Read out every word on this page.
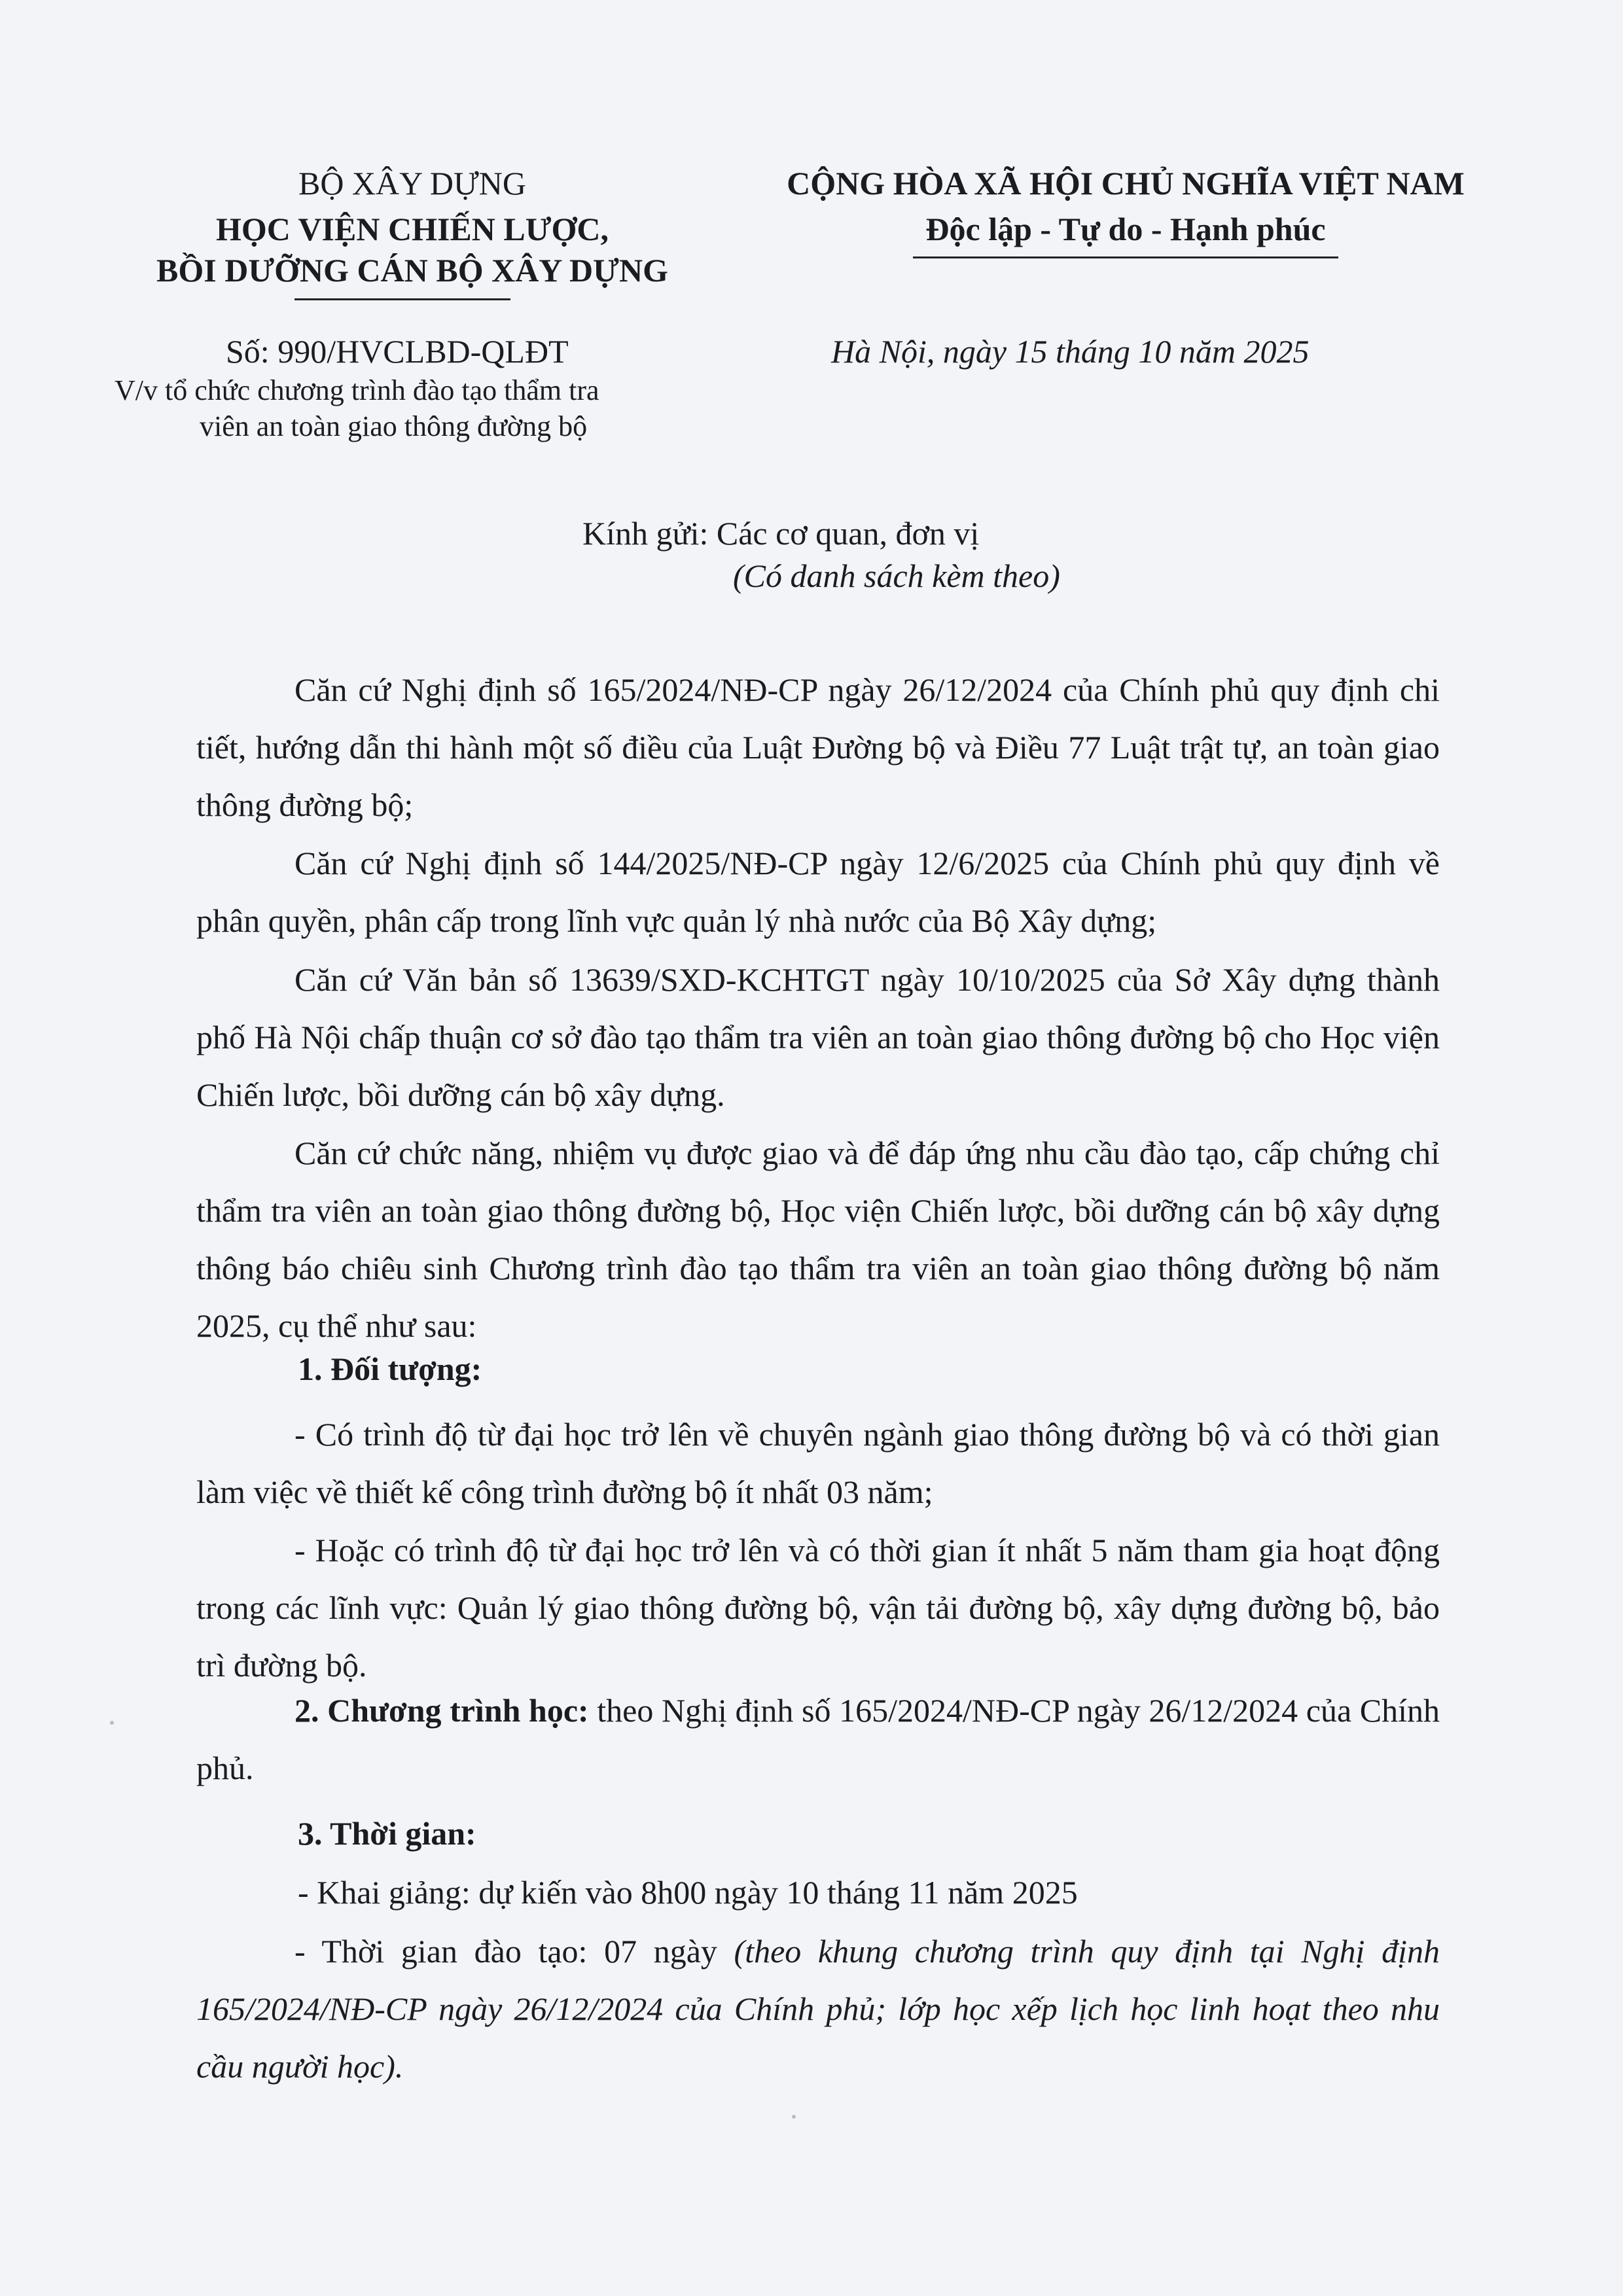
BỘ XÂY DỰNG
HỌC VIỆN CHIẾN LƯỢC,
BỒI DƯỠNG CÁN BỘ XÂY DỰNG
Số: 990/HVCLBD-QLĐT
V/v tổ chức chương trình đào tạo thẩm tra
viên an toàn giao thông đường bộ
CỘNG HÒA XÃ HỘI CHỦ NGHĨA VIỆT NAM
Độc lập - Tự do - Hạnh phúc
Hà Nội, ngày 15 tháng 10 năm 2025
Kính gửi: Các cơ quan, đơn vị
(Có danh sách kèm theo)
Căn cứ Nghị định số 165/2024/NĐ-CP ngày 26/12/2024 của Chính phủ quy định chi tiết, hướng dẫn thi hành một số điều của Luật Đường bộ và Điều 77 Luật trật tự, an toàn giao thông đường bộ;
Căn cứ Nghị định số 144/2025/NĐ-CP ngày 12/6/2025 của Chính phủ quy định về phân quyền, phân cấp trong lĩnh vực quản lý nhà nước của Bộ Xây dựng;
Căn cứ Văn bản số 13639/SXD-KCHTGT ngày 10/10/2025 của Sở Xây dựng thành phố Hà Nội chấp thuận cơ sở đào tạo thẩm tra viên an toàn giao thông đường bộ cho Học viện Chiến lược, bồi dưỡng cán bộ xây dựng.
Căn cứ chức năng, nhiệm vụ được giao và để đáp ứng nhu cầu đào tạo, cấp chứng chỉ thẩm tra viên an toàn giao thông đường bộ, Học viện Chiến lược, bồi dưỡng cán bộ xây dựng thông báo chiêu sinh Chương trình đào tạo thẩm tra viên an toàn giao thông đường bộ năm 2025, cụ thể như sau:
1. Đối tượng:
- Có trình độ từ đại học trở lên về chuyên ngành giao thông đường bộ và có thời gian làm việc về thiết kế công trình đường bộ ít nhất 03 năm;
- Hoặc có trình độ từ đại học trở lên và có thời gian ít nhất 5 năm tham gia hoạt động trong các lĩnh vực: Quản lý giao thông đường bộ, vận tải đường bộ, xây dựng đường bộ, bảo trì đường bộ.
2. Chương trình học: theo Nghị định số 165/2024/NĐ-CP ngày 26/12/2024 của Chính phủ.
3. Thời gian:
- Khai giảng: dự kiến vào 8h00 ngày 10 tháng 11 năm 2025
- Thời gian đào tạo: 07 ngày (theo khung chương trình quy định tại Nghị định 165/2024/NĐ-CP ngày 26/12/2024 của Chính phủ; lớp học xếp lịch học linh hoạt theo nhu cầu người học).
